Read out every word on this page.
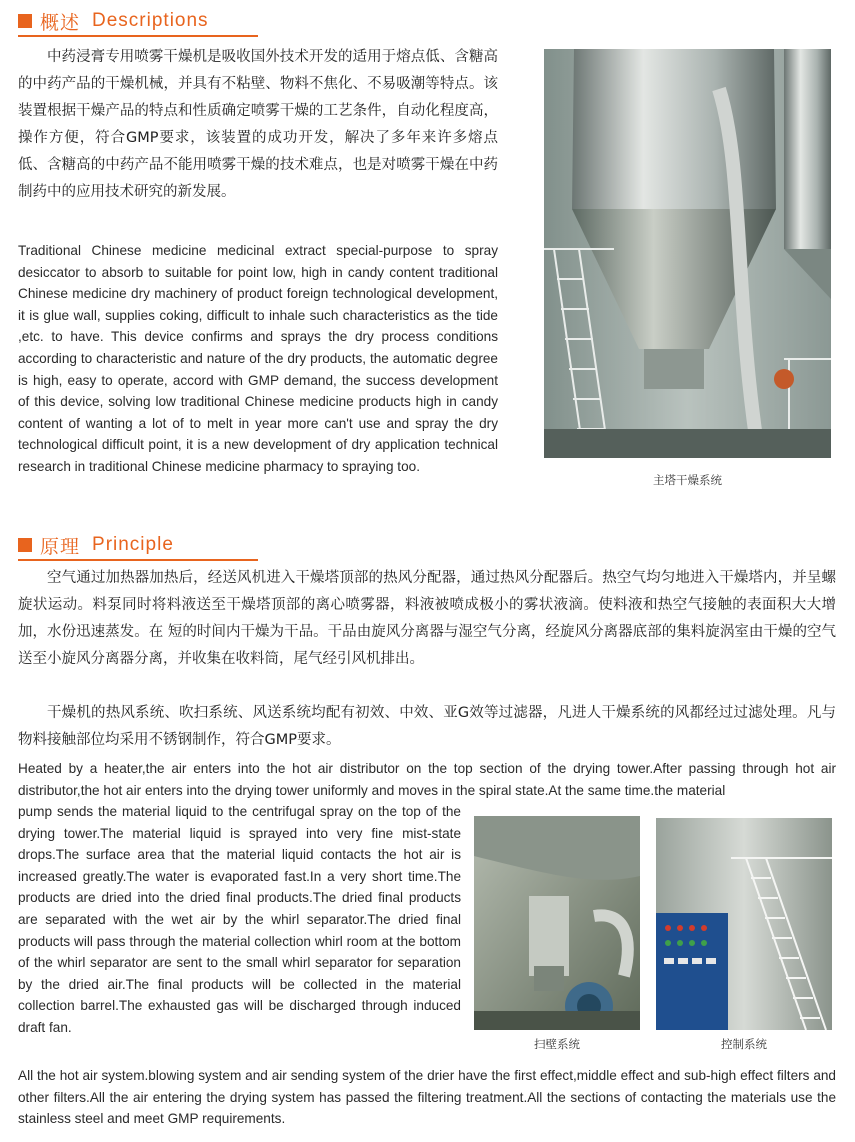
概述 Descriptions
中药浸膏专用喷雾干燥机是吸收国外技术开发的适用于熔点低、含糖高的中药产品的干燥机械，并具有不粘壁、物料不焦化、不易吸潮等特点。该装置根据干燥产品的特点和性质确定喷雾干燥的工艺条件，自动化程度高，操作方便，符合GMP要求，该装置的成功开发，解决了多年来许多熔点低、含糖高的中药产品不能用喷雾干燥的技术难点，也是对喷雾干燥在中药制药中的应用技术研究的新发展。
Traditional Chinese medicine medicinal extract special-purpose to spray desiccator to absorb to suitable for point low, high in candy content traditional Chinese medicine dry machinery of product foreign technological development, it is glue wall, supplies coking, difficult to inhale such characteristics as the tide ,etc. to have. This device confirms and sprays the dry process conditions according to characteristic and nature of the dry products, the automatic degree is high, easy to operate, accord with GMP demand, the success development of this device, solving low traditional Chinese medicine products high in candy content of wanting a lot of to melt in year more can't use and spray the dry technological difficult point, it is a new development of dry application technical research in traditional Chinese medicine pharmacy to spraying too.
主塔干燥系统
原理 Principle
空气通过加热器加热后，经送风机进入干燥塔顶部的热风分配器，通过热风分配器后。热空气均匀地进入干燥塔内，并呈螺旋状运动。料泵同时将料液送至干燥塔顶部的离心喷雾器，料液被喷成极小的雾状液滴。使料液和热空气接触的表面积大大增加，水份迅速蒸发。在 短的时间内干燥为干品。干品由旋风分离器与湿空气分离，经旋风分离器底部的集料旋涡室由干燥的空气送至小旋风分离器分离，并收集在收料筒，尾气经引风机排出。
干燥机的热风系统、吹扫系统、风送系统均配有初效、中效、亚G效等过滤器，凡进人干燥系统的风都经过过滤处理。凡与物料接触部位均采用不锈钢制作，符合GMP要求。
Heated by a heater,the air enters into the hot air distributor on the top section of the drying tower.After passing through hot air distributor,the hot air enters into the drying tower uniformly and moves in the spiral state.At the same time.the material
pump sends the material liquid to the centrifugal spray on the top of the drying tower.The material liquid is sprayed into very fine mist-state drops.The surface area that the material liquid contacts the hot air is increased greatly.The water is evaporated fast.In a very short time.The products are dried into the dried final products.The dried final products are separated with the wet air by the whirl separator.The dried final products will pass through the material collection whirl room at the bottom of the whirl separator are sent to the small whirl separator for separation by the dried air.The final products will be collected in the material collection barrel.The exhausted gas will be discharged through induced draft fan.
扫壁系统	控制系统
All the hot air system.blowing system and air sending system of the drier have the first effect,middle effect and sub-high effect filters and other filters.All the air entering the drying system has passed the filtering treatment.All the sections of contacting the materials use the stainless steel and meet GMP requirements.
